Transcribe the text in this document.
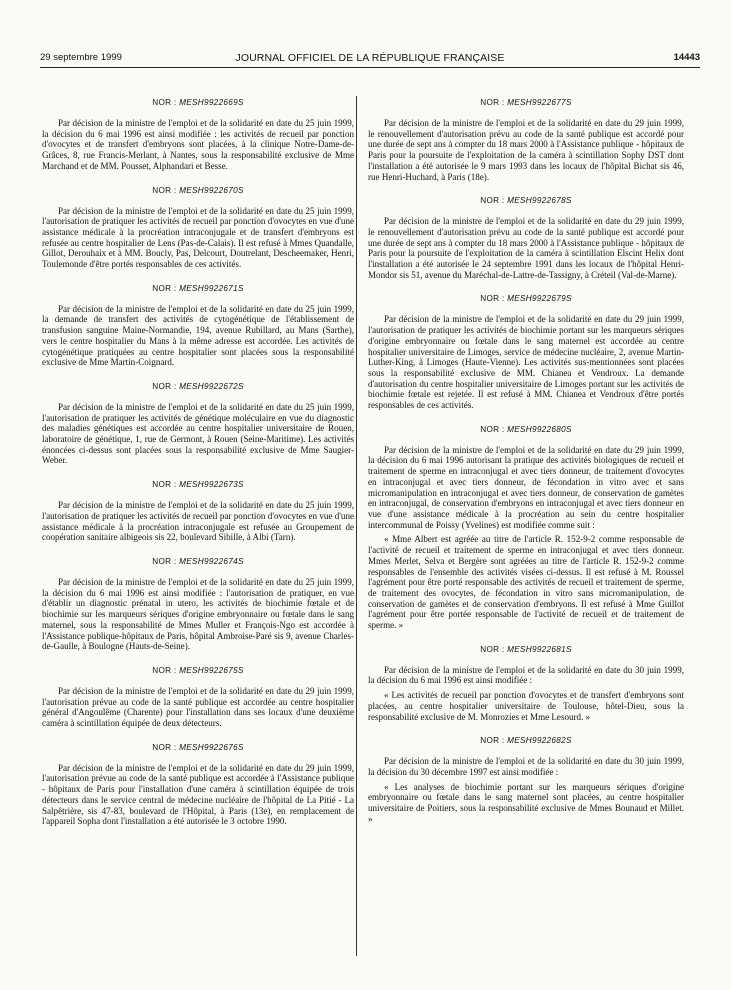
29 septembre 1999	JOURNAL OFFICIEL DE LA RÉPUBLIQUE FRANÇAISE	14443
NOR : MESH9922669S

Par décision de la ministre de l'emploi et de la solidarité en date du 25 juin 1999, la décision du 6 mai 1996 est ainsi modifiée : les activités de recueil par ponction d'ovocytes et de transfert d'embryons sont placées, à la clinique Notre-Dame-de-Grâces, 8, rue Francis-Merlant, à Nantes, sous la responsabilité exclusive de Mme Marchand et de MM. Pousset, Alphandari et Besse.

NOR : MESH9922670S

Par décision de la ministre de l'emploi et de la solidarité en date du 25 juin 1999, l'autorisation de pratiquer les activités de recueil par ponction d'ovocytes en vue d'une assistance médicale à la procréation intraconjugale et de transfert d'embryons est refusée au centre hospitalier de Lens (Pas-de-Calais). Il est refusé à Mmes Quandalle, Gillot, Derouhaix et à MM. Boucly, Pas, Delcourt, Doutrelant, Descheemaker, Henri, Toulemonde d'être portés responsables de ces activités.

NOR : MESH9922671S

Par décision de la ministre de l'emploi et de la solidarité en date du 25 juin 1999, la demande de transfert des activités de cytogénétique de l'établissement de transfusion sanguine Maine-Normandie, 194, avenue Rubillard, au Mans (Sarthe), vers le centre hospitalier du Mans à la même adresse est accordée. Les activités de cytogénétique pratiquées au centre hospitalier sont placées sous la responsabilité exclusive de Mme Martin-Coignard.

NOR : MESH9922672S

Par décision de la ministre de l'emploi et de la solidarité en date du 25 juin 1999, l'autorisation de pratiquer les activités de génétique moléculaire en vue du diagnostic des maladies génétiques est accordée au centre hospitalier universitaire de Rouen, laboratoire de génétique, 1, rue de Germont, à Rouen (Seine-Maritime). Les activités énoncées ci-dessus sont placées sous la responsabilité exclusive de Mme Saugier-Weber.

NOR : MESH9922673S

Par décision de la ministre de l'emploi et de la solidarité en date du 25 juin 1999, l'autorisation de pratiquer les activités de recueil par ponction d'ovocytes en vue d'une assistance médicale à la procréation intraconjugale est refusée au Groupement de coopération sanitaire albigeois sis 22, boulevard Sibille, à Albi (Tarn).

NOR : MESH9922674S

Par décision de la ministre de l'emploi et de la solidarité en date du 25 juin 1999, la décision du 6 mai 1996 est ainsi modifiée : l'autorisation de pratiquer, en vue d'établir un diagnostic prénatal in utero, les activités de biochimie fœtale et de biochimie sur les marqueurs sériques d'origine embryonnaire ou fœtale dans le sang maternel, sous la responsabilité de Mmes Muller et François-Ngo est accordée à l'Assistance publique-hôpitaux de Paris, hôpital Ambroise-Paré sis 9, avenue Charles-de-Gaulle, à Boulogne (Hauts-de-Seine).

NOR : MESH9922675S

Par décision de la ministre de l'emploi et de la solidarité en date du 29 juin 1999, l'autorisation prévue au code de la santé publique est accordée au centre hospitalier général d'Angoulême (Charente) pour l'installation dans ses locaux d'une deuxième caméra à scintillation équipée de deux détecteurs.

NOR : MESH9922676S

Par décision de la ministre de l'emploi et de la solidarité en date du 29 juin 1999, l'autorisation prévue au code de la santé publique est accordée à l'Assistance publique - hôpitaux de Paris pour l'installation d'une caméra à scintillation équipée de trois détecteurs dans le service central de médecine nucléaire de l'hôpital de La Pitié - La Salpêtrière, sis 47-83, boulevard de l'Hôpital, à Paris (13e), en remplacement de l'appareil Sopha dont l'installation a été autorisée le 3 octobre 1990.

NOR : MESH9922677S

Par décision de la ministre de l'emploi et de la solidarité en date du 29 juin 1999, le renouvellement d'autorisation prévu au code de la santé publique est accordé pour une durée de sept ans à compter du 18 mars 2000 à l'Assistance publique - hôpitaux de Paris pour la poursuite de l'exploitation de la caméra à scintillation Sophy DST dont l'installation a été autorisée le 9 mars 1993 dans les locaux de l'hôpital Bichat sis 46, rue Henri-Huchard, à Paris (18e).

NOR : MESH9922678S

Par décision de la ministre de l'emploi et de la solidarité en date du 29 juin 1999, le renouvellement d'autorisation prévu au code de la santé publique est accordé pour une durée de sept ans à compter du 18 mars 2000 à l'Assistance publique - hôpitaux de Paris pour la poursuite de l'exploitation de la caméra à scintillation Elscint Helix dont l'installation a été autorisée le 24 septembre 1991 dans les locaux de l'hôpital Henri-Mondor sis 51, avenue du Maréchal-de-Lattre-de-Tassigny, à Créteil (Val-de-Marne).

NOR : MESH9922679S

Par décision de la ministre de l'emploi et de la solidarité en date du 29 juin 1999, l'autorisation de pratiquer les activités de biochimie portant sur les marqueurs sériques d'origine embryonnaire ou fœtale dans le sang maternel est accordée au centre hospitalier universitaire de Limoges, service de médecine nucléaire, 2, avenue Martin-Luther-King, à Limoges (Haute-Vienne). Les activités sus-mentionnées sont placées sous la responsabilité exclusive de MM. Chianea et Vendroux. La demande d'autorisation du centre hospitalier universitaire de Limoges portant sur les activités de biochimie fœtale est rejetée. Il est refusé à MM. Chianea et Vendroux d'être portés responsables de ces activités.

NOR : MESH9922680S

Par décision de la ministre de l'emploi et de la solidarité en date du 29 juin 1999, la décision du 6 mai 1996 autorisant la pratique des activités biologiques de recueil et traitement de sperme en intraconjugal et avec tiers donneur, de traitement d'ovocytes en intraconjugal et avec tiers donneur, de fécondation in vitro avec et sans micromanipulation en intraconjugal et avec tiers donneur, de conservation de gamètes en intraconjugal, de conservation d'embryons en intraconjugal et avec tiers donneur en vue d'une assistance médicale à la procréation au sein du centre hospitalier intercommunal de Poissy (Yvelines) est modifiée comme suit :

« Mme Albert est agréée au titre de l'article R. 152-9-2 comme responsable de l'activité de recueil et traitement de sperme en intraconjugal et avec tiers donneur. Mmes Merlet, Selva et Bergère sont agréées au titre de l'article R. 152-9-2 comme responsables de l'ensemble des activités visées ci-dessus. Il est refusé à M. Roussel l'agrément pour être porté responsable des activités de recueil et traitement de sperme, de traitement des ovocytes, de fécondation in vitro sans micromanipulation, de conservation de gamètes et de conservation d'embryons. Il est refusé à Mme Guillot l'agrément pour être portée responsable de l'activité de recueil et de traitement de sperme. »

NOR : MESH9922681S

Par décision de la ministre de l'emploi et de la solidarité en date du 30 juin 1999, la décision du 6 mai 1996 est ainsi modifiée :

« Les activités de recueil par ponction d'ovocytes et de transfert d'embryons sont placées, au centre hospitalier universitaire de Toulouse, hôtel-Dieu, sous la responsabilité exclusive de M. Monrozies et Mme Lesourd. »

NOR : MESH9922682S

Par décision de la ministre de l'emploi et de la solidarité en date du 30 juin 1999, la décision du 30 décembre 1997 est ainsi modifiée :

« Les analyses de biochimie portant sur les marqueurs sériques d'origine embryonnaire ou fœtale dans le sang maternel sont placées, au centre hospitalier universitaire de Poitiers, sous la responsabilité exclusive de Mmes Bounaud et Millet. »
